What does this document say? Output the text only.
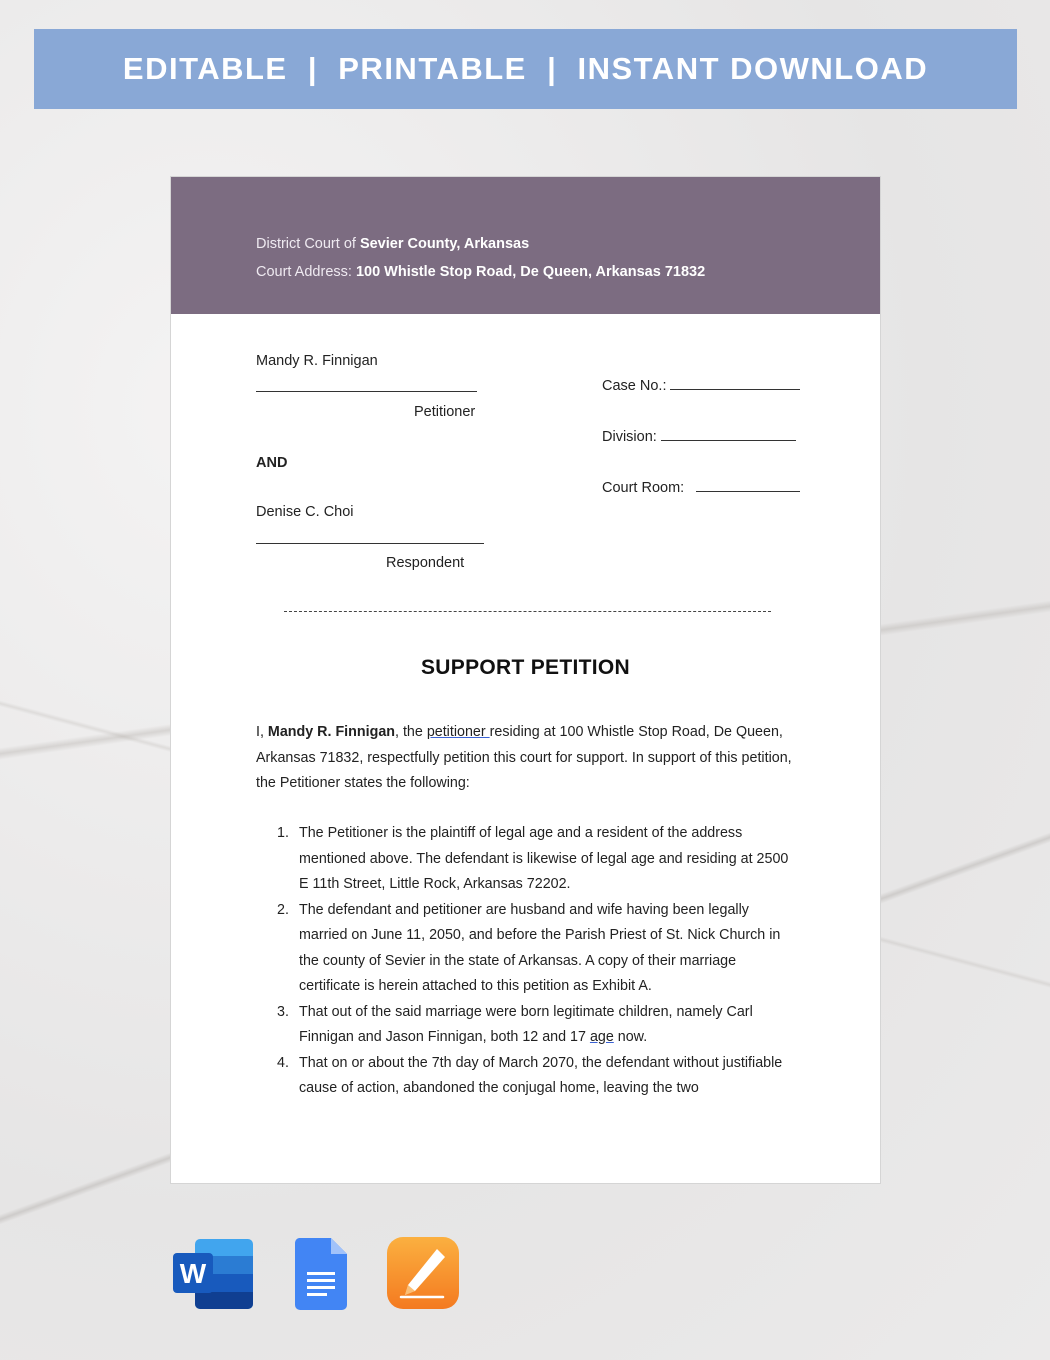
EDITABLE | PRINTABLE | INSTANT DOWNLOAD
District Court of Sevier County, Arkansas
Court Address: 100 Whistle Stop Road, De Queen, Arkansas 71832
Mandy R. Finnigan
Petitioner
AND
Denise C. Choi
Respondent
Case No.:
Division:
Court Room:
SUPPORT PETITION
I, Mandy R. Finnigan, the petitioner residing at 100 Whistle Stop Road, De Queen, Arkansas 71832, respectfully petition this court for support. In support of this petition, the Petitioner states the following:
1. The Petitioner is the plaintiff of legal age and a resident of the address mentioned above. The defendant is likewise of legal age and residing at 2500 E 11th Street, Little Rock, Arkansas 72202.
2. The defendant and petitioner are husband and wife having been legally married on June 11, 2050, and before the Parish Priest of St. Nick Church in the county of Sevier in the state of Arkansas. A copy of their marriage certificate is herein attached to this petition as Exhibit A.
3. That out of the said marriage were born legitimate children, namely Carl Finnigan and Jason Finnigan, both 12 and 17 age now.
4. That on or about the 7th day of March 2070, the defendant without justifiable cause of action, abandoned the conjugal home, leaving the two
W
